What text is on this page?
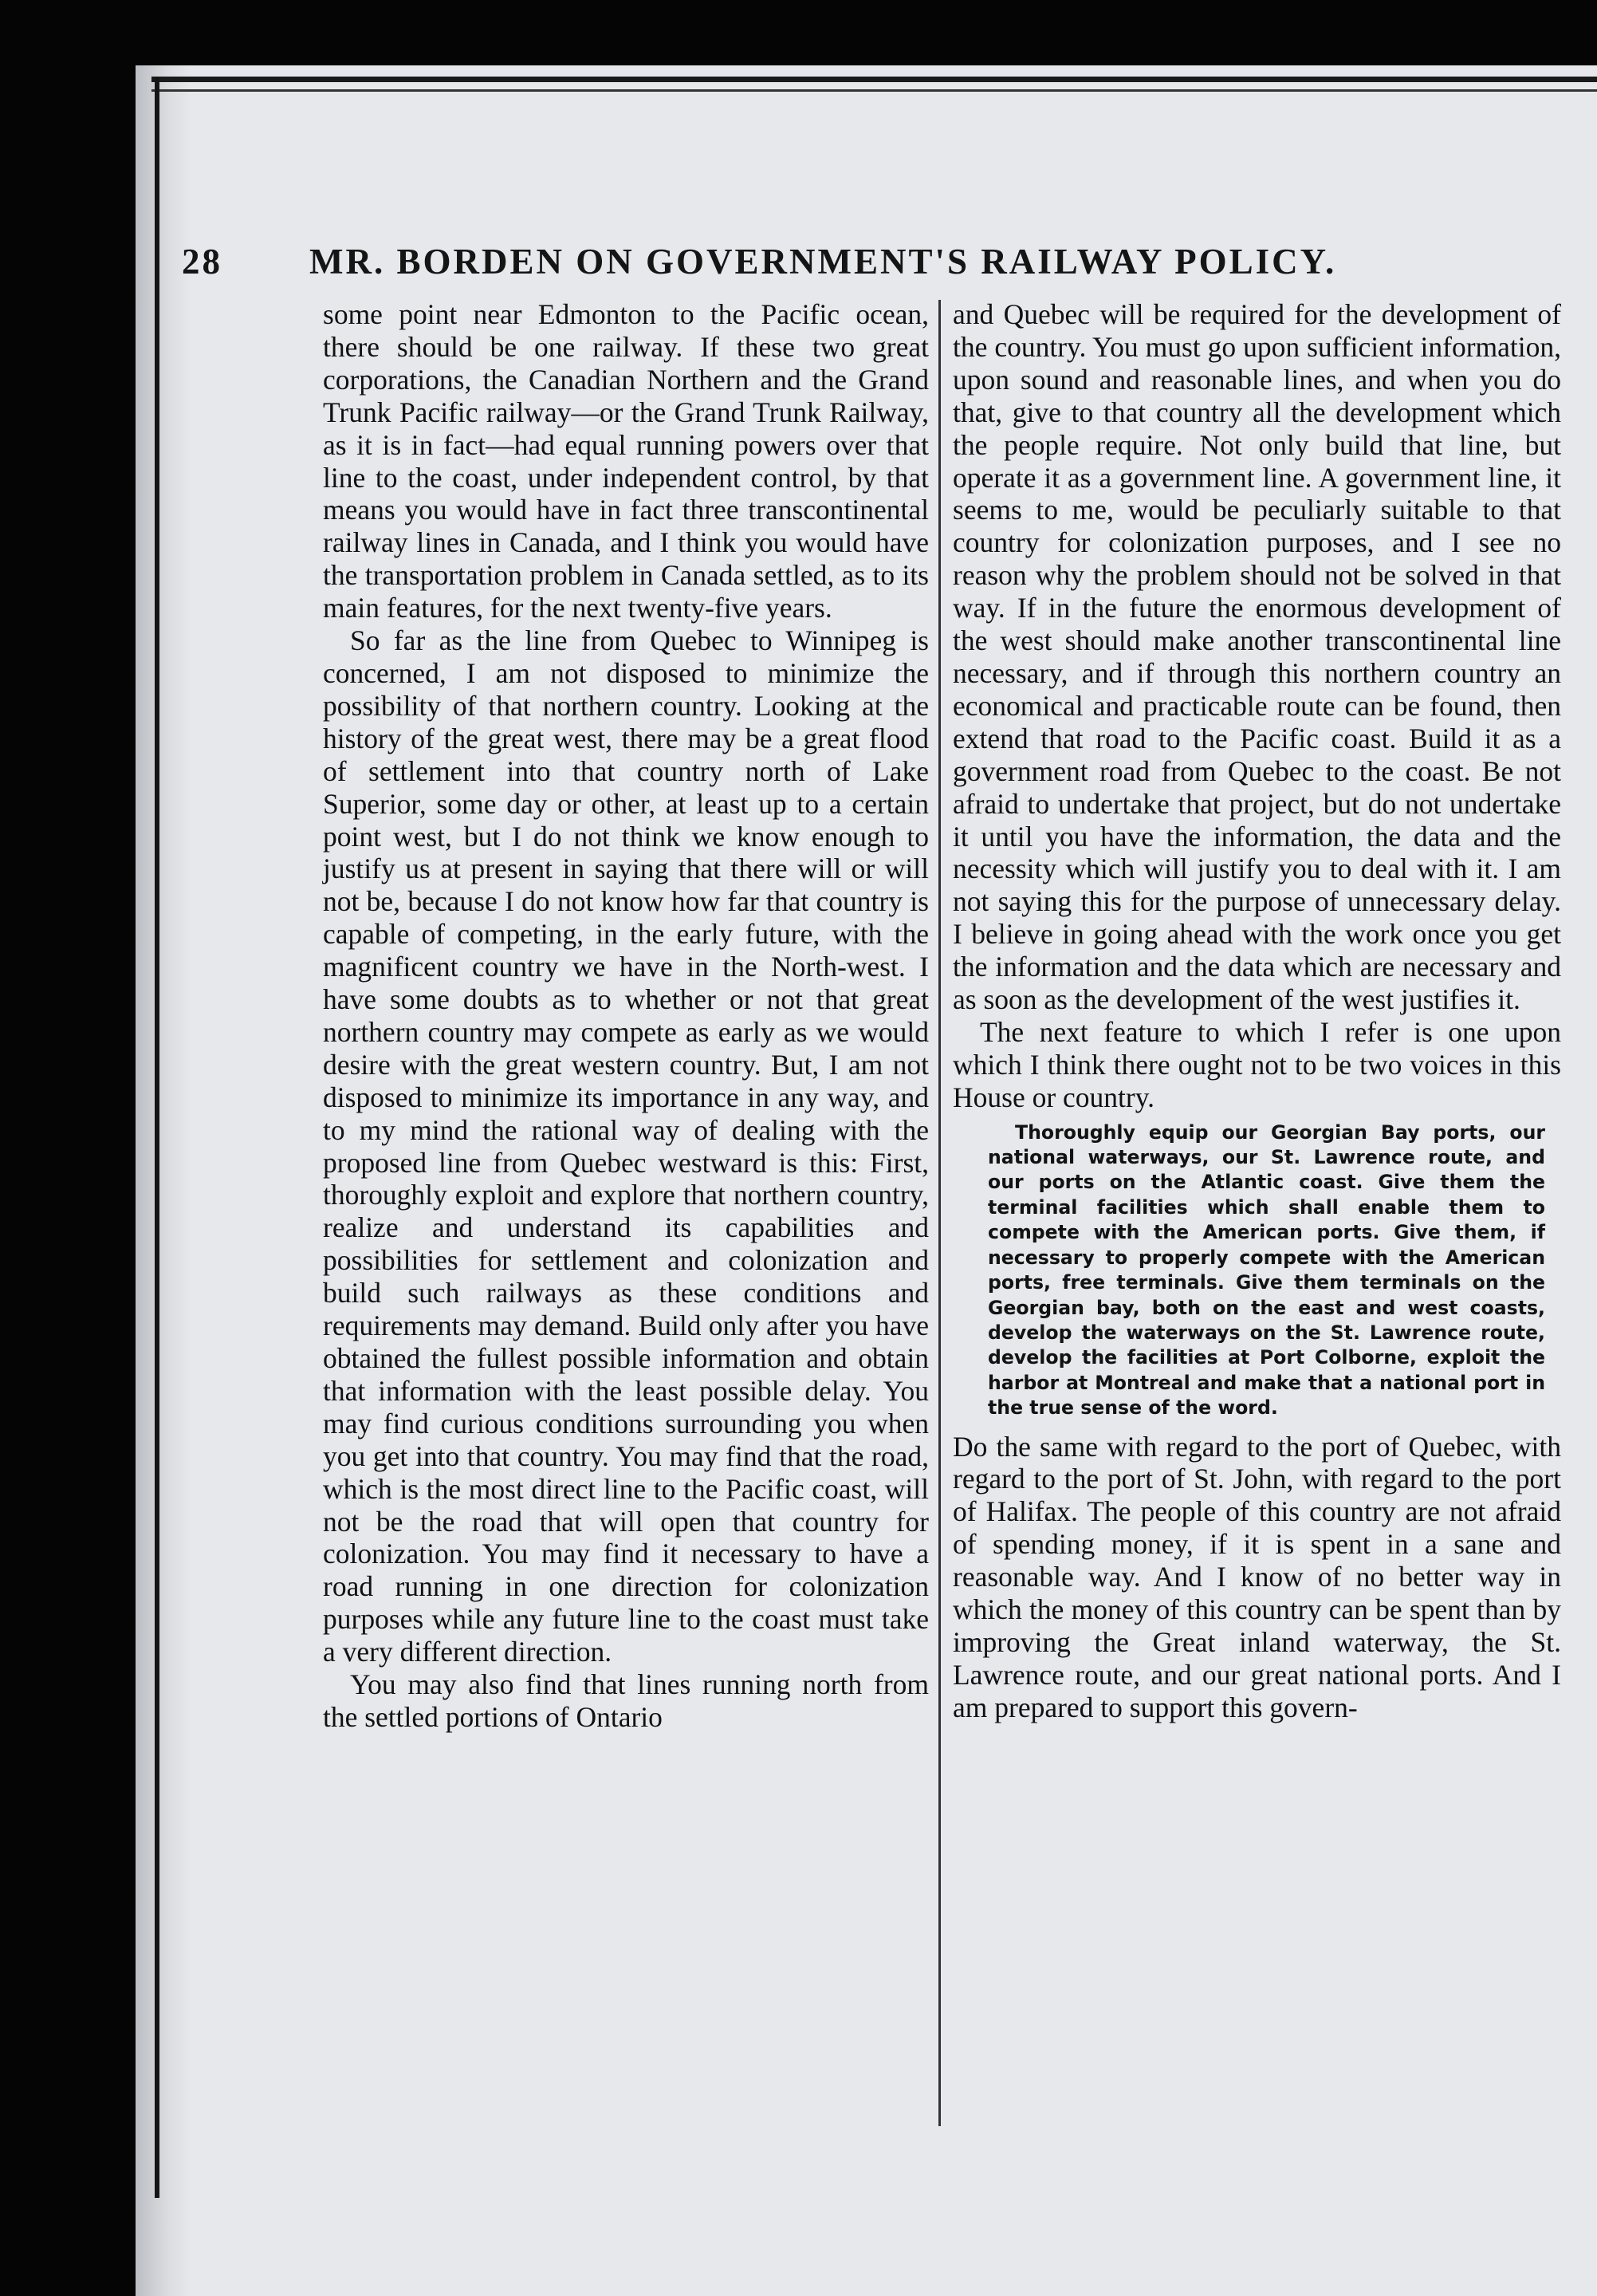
28 MR. BORDEN ON GOVERNMENT'S RAILWAY POLICY.

some point near Edmonton to the Pacific ocean, there should be one railway. If these two great corporations, the Canadian Northern and the Grand Trunk Pacific railway—or the Grand Trunk Railway, as it is in fact—had equal running powers over that line to the coast, under independent control, by that means you would have in fact three transcontinental railway lines in Canada, and I think you would have the transportation problem in Canada settled, as to its main features, for the next twenty-five years.

So far as the line from Quebec to Winnipeg is concerned, I am not disposed to minimize the possibility of that northern country. Looking at the history of the great west, there may be a great flood of settlement into that country north of Lake Superior, some day or other, at least up to a certain point west, but I do not think we know enough to justify us at present in saying that there will or will not be, because I do not know how far that country is capable of competing, in the early future, with the magnificent country we have in the North-west. I have some doubts as to whether or not that great northern country may compete as early as we would desire with the great western country. But, I am not disposed to minimize its importance in any way, and to my mind the rational way of dealing with the proposed line from Quebec westward is this: First, thoroughly exploit and explore that northern country, realize and understand its capabilities and possibilities for settlement and colonization and build such railways as these conditions and requirements may demand. Build only after you have obtained the fullest possible information and obtain that information with the least possible delay. You may find curious conditions surrounding you when you get into that country. You may find that the road, which is the most direct line to the Pacific coast, will not be the road that will open that country for colonization. You may find it necessary to have a road running in one direction for colonization purposes while any future line to the coast must take a very different direction.

You may also find that lines running north from the settled portions of Ontario

and Quebec will be required for the development of the country. You must go upon sufficient information, upon sound and reasonable lines, and when you do that, give to that country all the development which the people require. Not only build that line, but operate it as a government line. A government line, it seems to me, would be peculiarly suitable to that country for colonization purposes, and I see no reason why the problem should not be solved in that way. If in the future the enormous development of the west should make another transcontinental line necessary, and if through this northern country an economical and practicable route can be found, then extend that road to the Pacific coast. Build it as a government road from Quebec to the coast. Be not afraid to undertake that project, but do not undertake it until you have the information, the data and the necessity which will justify you to deal with it. I am not saying this for the purpose of unnecessary delay. I believe in going ahead with the work once you get the information and the data which are necessary and as soon as the development of the west justifies it.

The next feature to which I refer is one upon which I think there ought not to be two voices in this House or country.

Thoroughly equip our Georgian Bay ports, our national waterways, our St. Lawrence route, and our ports on the Atlantic coast. Give them the terminal facilities which shall enable them to compete with the American ports. Give them, if necessary to properly compete with the American ports, free terminals. Give them terminals on the Georgian bay, both on the east and west coasts, develop the waterways on the St. Lawrence route, develop the facilities at Port Colborne, exploit the harbor at Montreal and make that a national port in the true sense of the word.

Do the same with regard to the port of Quebec, with regard to the port of St. John, with regard to the port of Halifax. The people of this country are not afraid of spending money, if it is spent in a sane and reasonable way. And I know of no better way in which the money of this country can be spent than by improving the Great inland waterway, the St. Lawrence route, and our great national ports. And I am prepared to support this govern-
